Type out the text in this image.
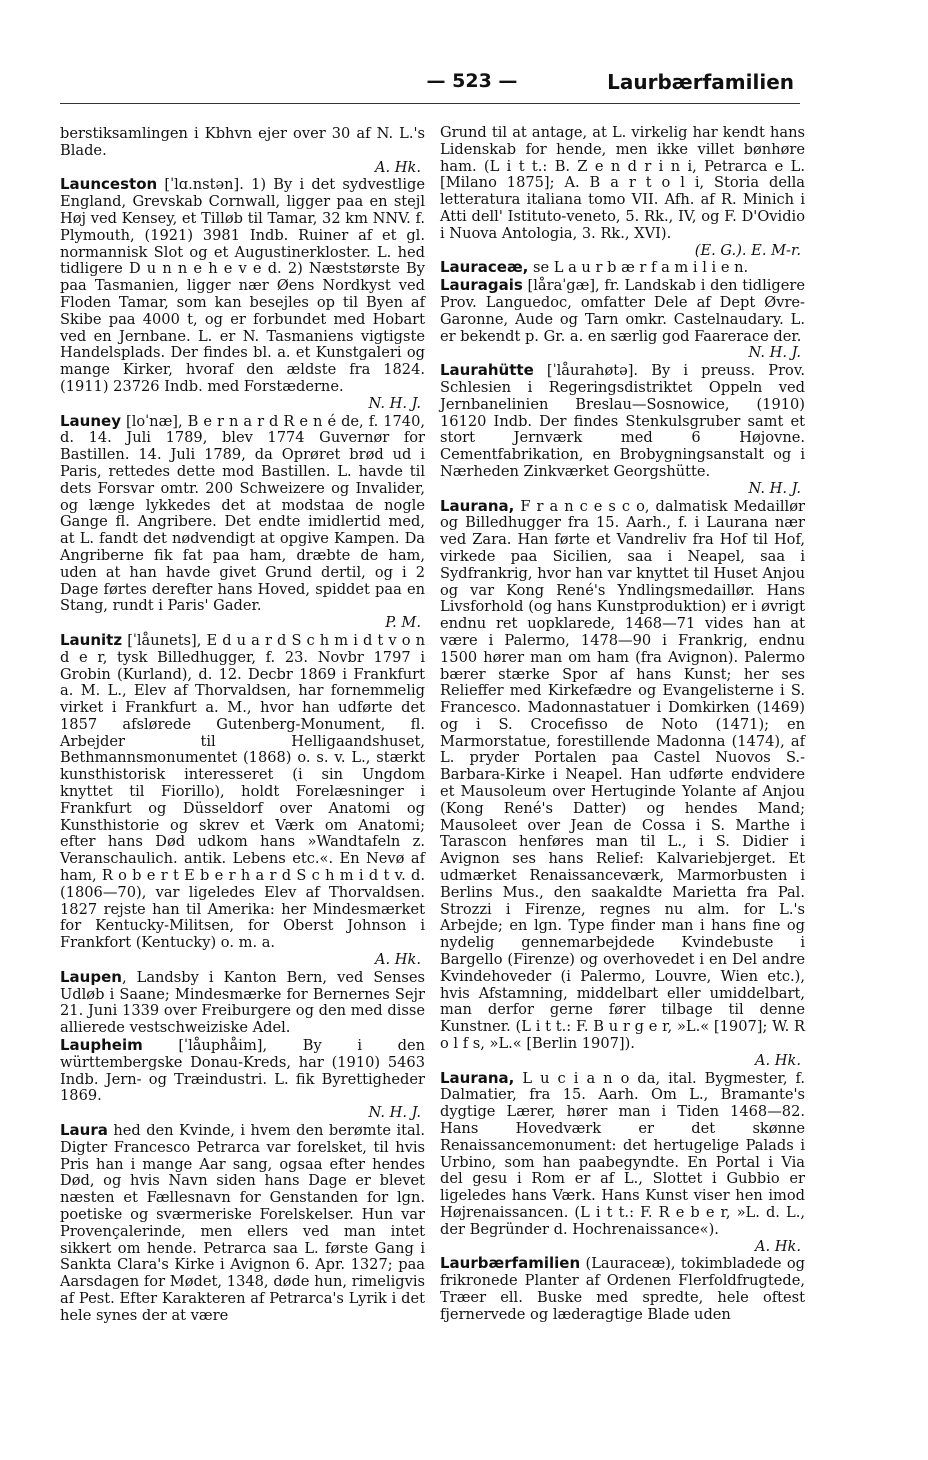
— 523 —	Laurbærfamilien

berstiksamlingen i Kbhvn ejer over 30 af N. L.'s Blade.
A. Hk.

Launceston [ˈlɑ.nstən]. 1) By i det sydvestlige England, Grevskab Cornwall, ligger paa en stejl Høj ved Kensey, et Tilløb til Tamar, 32 km NNV. f. Plymouth, (1921) 3981 Indb. Ruiner af et gl. normannisk Slot og et Augustinerkloster. L. hed tidligere D u n n e h e v e d. 2) Næststørste By paa Tasmanien, ligger nær Øens Nordkyst ved Floden Tamar, som kan besejles op til Byen af Skibe paa 4000 t, og er forbundet med Hobart ved en Jernbane. L. er N. Tasmaniens vigtigste Handelsplads. Der findes bl. a. et Kunstgaleri og mange Kirker, hvoraf den ældste fra 1824. (1911) 23726 Indb. med Forstæderne.
N. H. J.

Launey [loˈnæ], B e r n a r d R e n é de, f. 1740, d. 14. Juli 1789, blev 1774 Guvernør for Bastillen. 14. Juli 1789, da Oprøret brød ud i Paris, rettedes dette mod Bastillen. L. havde til dets Forsvar omtr. 200 Schweizere og Invalider, og længe lykkedes det at modstaa de nogle Gange fl. Angribere. Det endte imidlertid med, at L. fandt det nødvendigt at opgive Kampen. Da Angriberne fik fat paa ham, dræbte de ham, uden at han havde givet Grund dertil, og i 2 Dage førtes derefter hans Hoved, spiddet paa en Stang, rundt i Paris' Gader.
P. M.

Launitz [ˈlåunets], E d u a r d S c h m i d t v o n d e r, tysk Billedhugger, f. 23. Novbr 1797 i Grobin (Kurland), d. 12. Decbr 1869 i Frankfurt a. M. L., Elev af Thorvaldsen, har fornemmelig virket i Frankfurt a. M., hvor han udførte det 1857 afslørede Gutenberg-Monument, fl. Arbejder til Helligaandshuset, Bethmannsmonumentet (1868) o. s. v. L., stærkt kunsthistorisk interesseret (i sin Ungdom knyttet til Fiorillo), holdt Forelæsninger i Frankfurt og Düsseldorf over Anatomi og Kunsthistorie og skrev et Værk om Anatomi; efter hans Død udkom hans »Wandtafeln z. Veranschaulich. antik. Lebens etc.«. En Nevø af ham, R o b e r t E b e r h a r d S c h m i d t v. d. (1806—70), var ligeledes Elev af Thorvaldsen. 1827 rejste han til Amerika: her Mindesmærket for Kentucky-Militsen, for Oberst Johnson i Frankfort (Kentucky) o. m. a.
A. Hk.

Laupen, Landsby i Kanton Bern, ved Senses Udløb i Saane; Mindesmærke for Bernernes Sejr 21. Juni 1339 over Freiburgere og den med disse allierede vestschweiziske Adel.

Laupheim [ˈlåuphåim], By i den württembergske Donau-Kreds, har (1910) 5463 Indb. Jern- og Træindustri. L. fik Byrettigheder 1869.
N. H. J.

Laura hed den Kvinde, i hvem den berømte ital. Digter Francesco Petrarca var forelsket, til hvis Pris han i mange Aar sang, ogsaa efter hendes Død, og hvis Navn siden hans Dage er blevet næsten et Fællesnavn for Genstanden for lgn. poetiske og sværmeriske Forelskelser. Hun var Provençalerinde, men ellers ved man intet sikkert om hende. Petrarca saa L. første Gang i Sankta Clara's Kirke i Avignon 6. Apr. 1327; paa Aarsdagen for Mødet, 1348, døde hun, rimeligvis af Pest. Efter Karakteren af Petrarca's Lyrik i det hele synes der at være

Grund til at antage, at L. virkelig har kendt hans Lidenskab for hende, men ikke villet bønhøre ham. (L i t t.: B. Z e n d r i n i, Petrarca e L. [Milano 1875]; A. B a r t o l i, Storia della letteratura italiana tomo VII. Afh. af R. Minich i Atti dell' Istituto-veneto, 5. Rk., IV, og F. D'Ovidio i Nuova Antologia, 3. Rk., XVI).
(E. G.). E. M-r.

Lauraceæ, se L a u r b æ r f a m i l i e n.

Lauragais [låraˈgæ], fr. Landskab i den tidligere Prov. Languedoc, omfatter Dele af Dept Øvre-Garonne, Aude og Tarn omkr. Castelnaudary. L. er bekendt p. Gr. a. en særlig god Faarerace der.
N. H. J.

Laurahütte [ˈlåurahøtə]. By i preuss. Prov. Schlesien i Regeringsdistriktet Oppeln ved Jernbanelinien Breslau—Sosnowice, (1910) 16120 Indb. Der findes Stenkulsgruber samt et stort Jernværk med 6 Højovne. Cementfabrikation, en Brobygningsanstalt og i Nærheden Zinkværket Georgshütte.
N. H. J.

Laurana, F r a n c e s c o, dalmatisk Medaillør og Billedhugger fra 15. Aarh., f. i Laurana nær ved Zara. Han førte et Vandreliv fra Hof til Hof, virkede paa Sicilien, saa i Neapel, saa i Sydfrankrig, hvor han var knyttet til Huset Anjou og var Kong René's Yndlingsmedaillør. Hans Livsforhold (og hans Kunstproduktion) er i øvrigt endnu ret uopklarede, 1468—71 vides han at være i Palermo, 1478—90 i Frankrig, endnu 1500 hører man om ham (fra Avignon). Palermo bærer stærke Spor af hans Kunst; her ses Relieffer med Kirkefædre og Evangelisterne i S. Francesco. Madonnastatuer i Domkirken (1469) og i S. Crocefisso de Noto (1471); en Marmorstatue, forestillende Madonna (1474), af L. pryder Portalen paa Castel Nuovos S.-Barbara-Kirke i Neapel. Han udførte endvidere et Mausoleum over Hertuginde Yolante af Anjou (Kong René's Datter) og hendes Mand; Mausoleet over Jean de Cossa i S. Marthe i Tarascon henføres man til L., i S. Didier i Avignon ses hans Relief: Kalvariebjerget. Et udmærket Renaissanceværk, Marmorbusten i Berlins Mus., den saakaldte Marietta fra Pal. Strozzi i Firenze, regnes nu alm. for L.'s Arbejde; en lgn. Type finder man i hans fine og nydelig gennemarbejdede Kvindebuste i Bargello (Firenze) og overhovedet i en Del andre Kvindehoveder (i Palermo, Louvre, Wien etc.), hvis Afstamning, middelbart eller umiddelbart, man derfor gerne fører tilbage til denne Kunstner. (L i t t.: F. B u r g e r, »L.« [1907]; W. R o l f s, »L.« [Berlin 1907]).
A. Hk.

Laurana, L u c i a n o da, ital. Bygmester, f. Dalmatier, fra 15. Aarh. Om L., Bramante's dygtige Lærer, hører man i Tiden 1468—82. Hans Hovedværk er det skønne Renaissancemonument: det hertugelige Palads i Urbino, som han paabegyndte. En Portal i Via del gesu i Rom er af L., Slottet i Gubbio er ligeledes hans Værk. Hans Kunst viser hen imod Højrenaissancen. (L i t t.: F. R e b e r, »L. d. L., der Begründer d. Hochrenaissance«).
A. Hk.

Laurbærfamilien (Lauraceæ), tokimbladede og frikronede Planter af Ordenen Flerfoldfrugtede, Træer ell. Buske med spredte, hele oftest fjernervede og læderagtige Blade uden
